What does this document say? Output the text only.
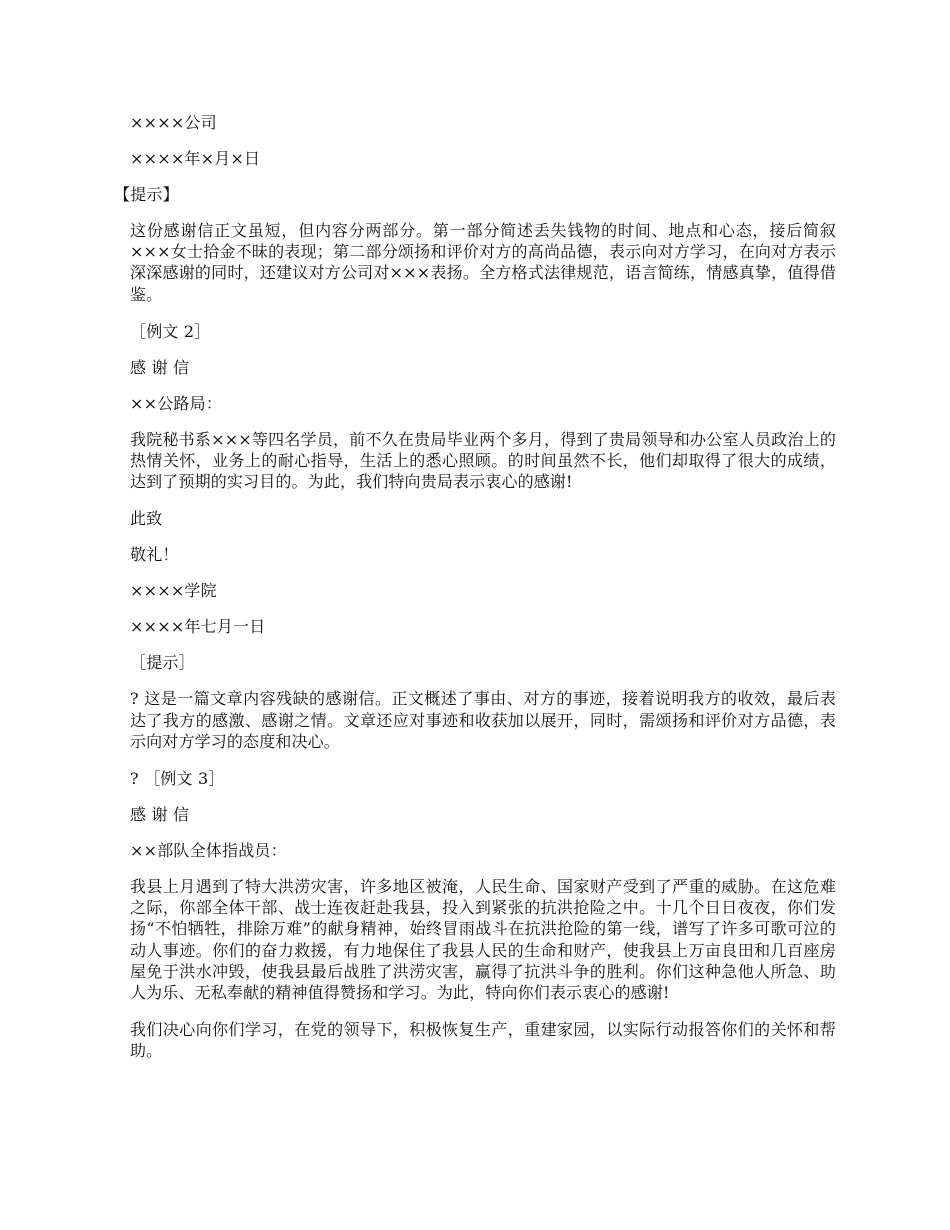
××××公司

××××年×月×日

【提示】

这份感谢信正文虽短，但内容分两部分。第一部分简述丢失钱物的时间、地点和心态，接后简叙×××女士拾金不昧的表现；第二部分颂扬和评价对方的高尚品德，表示向对方学习，在向对方表示深深感谢的同时，还建议对方公司对×××表扬。全方格式法律规范，语言简练，情感真挚，值得借鉴。

［例文 2］

感 谢 信

××公路局：

我院秘书系×××等四名学员，前不久在贵局毕业两个多月，得到了贵局领导和办公室人员政治上的热情关怀，业务上的耐心指导，生活上的悉心照顾。的时间虽然不长，他们却取得了很大的成绩，达到了预期的实习目的。为此，我们特向贵局表示衷心的感谢!

此致

敬礼！

××××学院

××××年七月一日

［提示］

? 这是一篇文章内容残缺的感谢信。正文概述了事由、对方的事迹，接着说明我方的收效，最后表达了我方的感激、感谢之情。文章还应对事迹和收获加以展开，同时，需颂扬和评价对方品德，表示向对方学习的态度和决心。

? ［例文 3］

感 谢 信

××部队全体指战员：

我县上月遇到了特大洪涝灾害，许多地区被淹，人民生命、国家财产受到了严重的威胁。在这危难之际，你部全体干部、战士连夜赶赴我县，投入到紧张的抗洪抢险之中。十几个日日夜夜，你们发扬“不怕牺牲，排除万难”的献身精神，始终冒雨战斗在抗洪抢险的第一线，谱写了许多可歌可泣的动人事迹。你们的奋力救援，有力地保住了我县人民的生命和财产，使我县上万亩良田和几百座房屋免于洪水冲毁，使我县最后战胜了洪涝灾害，赢得了抗洪斗争的胜利。你们这种急他人所急、助人为乐、无私奉献的精神值得赞扬和学习。为此，特向你们表示衷心的感谢!

我们决心向你们学习，在党的领导下，积极恢复生产，重建家园，以实际行动报答你们的关怀和帮助。
